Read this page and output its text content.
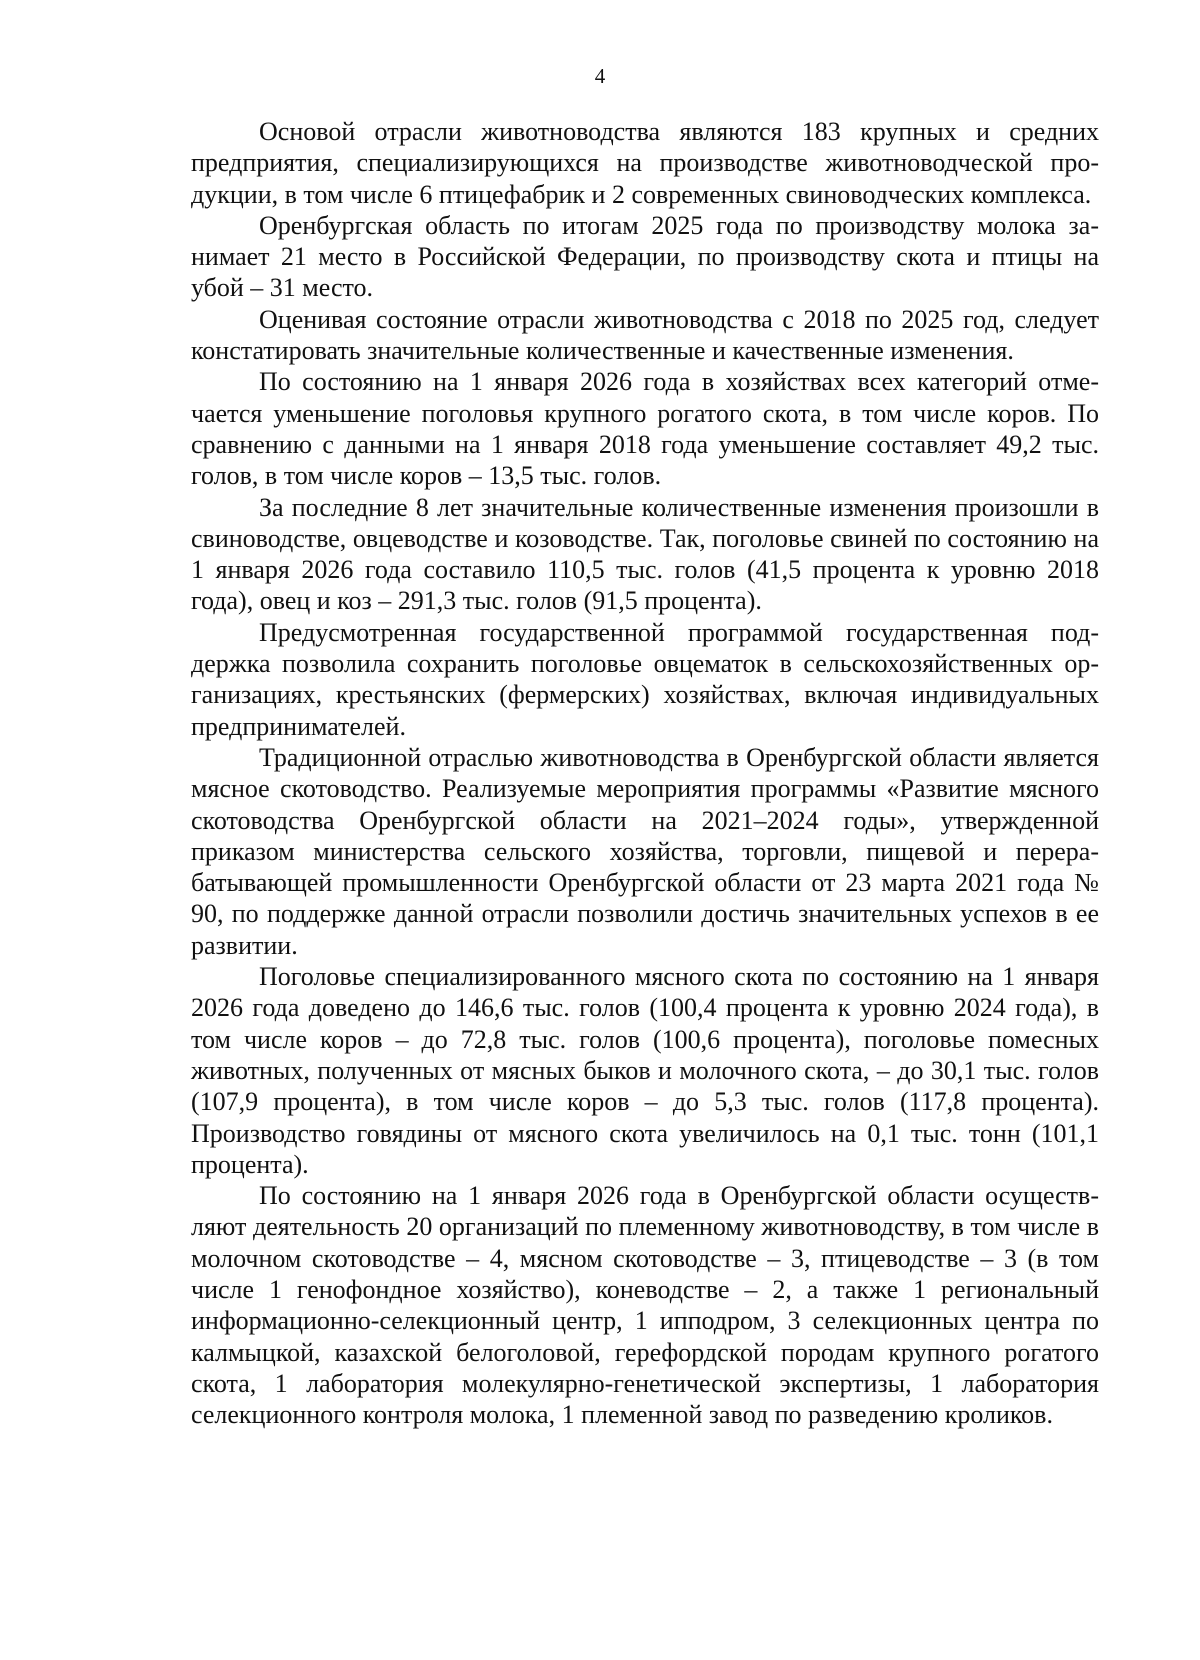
4

Основой отрасли животноводства являются 183 крупных и средних предприятия, специализирующихся на производстве животноводческой продукции, в том числе 6 птицефабрик и 2 современных свиноводческих комплекса.

Оренбургская область по итогам 2025 года по производству молока занимает 21 место в Российской Федерации, по производству скота и птицы на убой – 31 место.

Оценивая состояние отрасли животноводства с 2018 по 2025 год, следует констатировать значительные количественные и качественные изменения.

По состоянию на 1 января 2026 года в хозяйствах всех категорий отмечается уменьшение поголовья крупного рогатого скота, в том числе коров. По сравнению с данными на 1 января 2018 года уменьшение составляет 49,2 тыс. голов, в том числе коров – 13,5 тыс. голов.

За последние 8 лет значительные количественные изменения произошли в свиноводстве, овцеводстве и козоводстве. Так, поголовье свиней по состоянию на 1 января 2026 года составило 110,5 тыс. голов (41,5 процента к уровню 2018 года), овец и коз – 291,3 тыс. голов (91,5 процента).

Предусмотренная государственной программой государственная поддержка позволила сохранить поголовье овцематок в сельскохозяйственных организациях, крестьянских (фермерских) хозяйствах, включая индивидуальных предпринимателей.

Традиционной отраслью животноводства в Оренбургской области является мясное скотоводство. Реализуемые мероприятия программы «Развитие мясного скотоводства Оренбургской области на 2021–2024 годы», утвержденной приказом министерства сельского хозяйства, торговли, пищевой и перерабатывающей промышленности Оренбургской области от 23 марта 2021 года № 90, по поддержке данной отрасли позволили достичь значительных успехов в ее развитии.

Поголовье специализированного мясного скота по состоянию на 1 января 2026 года доведено до 146,6 тыс. голов (100,4 процента к уровню 2024 года), в том числе коров – до 72,8 тыс. голов (100,6 процента), поголовье помесных животных, полученных от мясных быков и молочного скота, – до 30,1 тыс. голов (107,9 процента), в том числе коров – до 5,3 тыс. голов (117,8 процента). Производство говядины от мясного скота увеличилось на 0,1 тыс. тонн (101,1 процента).

По состоянию на 1 января 2026 года в Оренбургской области осуществляют деятельность 20 организаций по племенному животноводству, в том числе в молочном скотоводстве – 4, мясном скотоводстве – 3, птицеводстве – 3 (в том числе 1 генофондное хозяйство), коневодстве – 2, а также 1 региональный информационно-селекционный центр, 1 ипподром, 3 селекционных центра по калмыцкой, казахской белоголовой, герефордской породам крупного рогатого скота, 1 лаборатория молекулярно-генетической экспертизы, 1 лаборатория селекционного контроля молока, 1 племенной завод по разведению кроликов.
